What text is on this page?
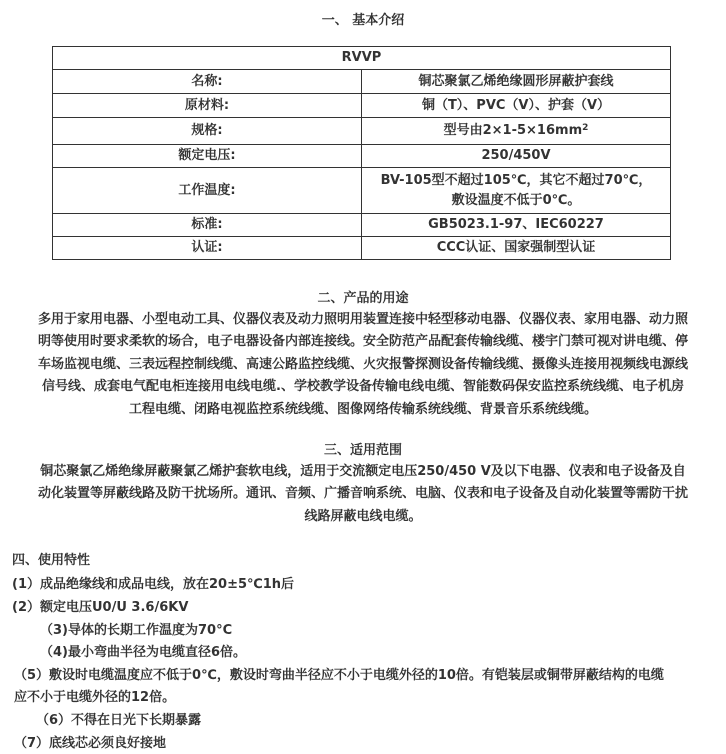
一、 基本介绍
RVVP	
名称:	铜芯聚氯乙烯绝缘圆形屏蔽护套线
原材料:	铜（T）、PVC（V）、护套（V）
规格:	型号由$2\times 1-5\times 16mm^2$
额定电压:	250/450V
工作温度:	BV-105型不超过105℃，其它不超过70℃，
敷设温度不低于0℃。

标准:	GB5023.1-97、IEC60227
认证:	CCC认证、国家强制型认证
二、产品的用途
多用于家用电器、小型电动工具、仪器仪表及动力照明用装置连接中轻型移动电器、仪器仪表、家用电器、动力照
明等使用时要求柔软的场合，电子电器设备内部连接线。安全防范产品配套传输线缆、楼宇门禁可视对讲电缆、停
车场监视电缆、三表远程控制线缆、高速公路监控线缆、火灾报警探测设备传输线缆、摄像头连接用视频线电源线
信号线、成套电气配电柜连接用电线电缆.、学校教学设备传输电线电缆、智能数码保安监控系统线缆、电子机房
工程电缆、闭路电视监控系统线缆、图像网络传输系统线缆、背景音乐系统线缆。
三、适用范围
铜芯聚氯乙烯绝缘屏蔽聚氯乙烯护套软电线，适用于交流额定电压250/450 V及以下电器、仪表和电子设备及自
动化装置等屏蔽线路及防干扰场所。通讯、音频、广播音响系统、电脑、仪表和电子设备及自动化装置等需防干扰
线路屏蔽电线电缆。
四、使用特性
(1）成品绝缘线和成品电线，放在20±5℃1h后
(2）额定电压U0/U 3.6/6KV
（3)导体的长期工作温度为70°C
（4)最小弯曲半径为电缆直径6倍。
（5）敷设时电缆温度应不低于0℃，敷设时弯曲半径应不小于电缆外径的10倍。有铠装层或铜带屏蔽结构的电缆
应不小于电缆外径的12倍。
（6）不得在日光下长期暴露
（7）底线芯必须良好接地
